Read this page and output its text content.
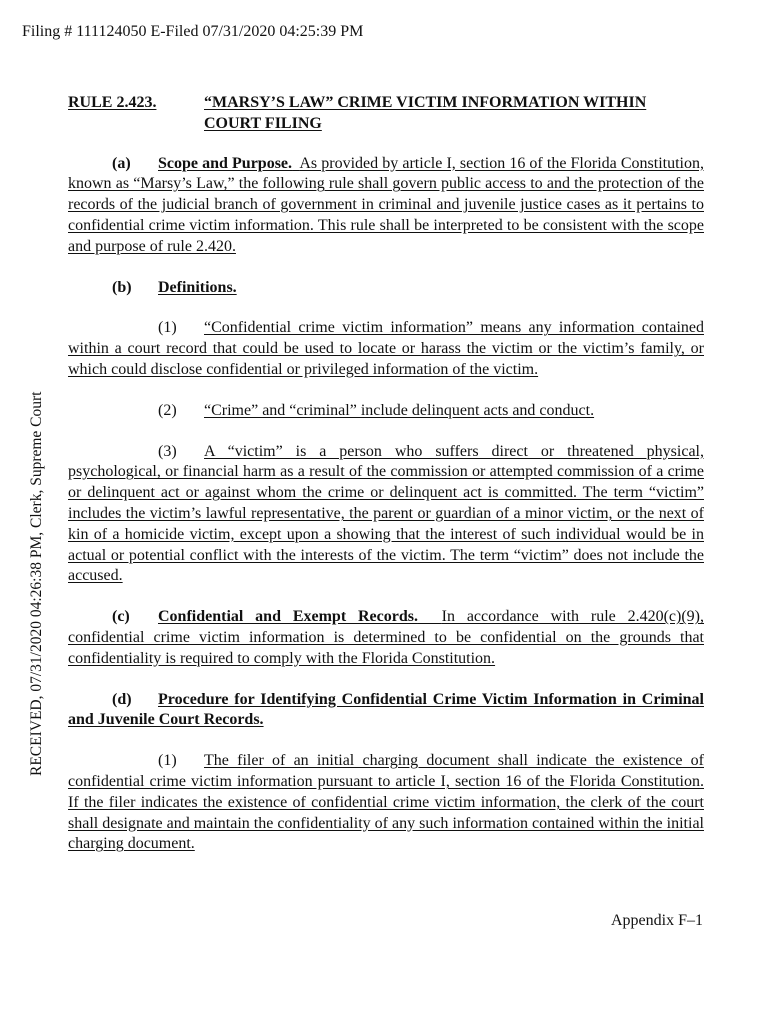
Filing # 111124050 E-Filed 07/31/2020 04:25:39 PM
RECEIVED, 07/31/2020 04:26:38 PM, Clerk, Supreme Court
RULE 2.423.	“MARSY’S LAW” CRIME VICTIM INFORMATION WITHIN COURT FILING

(a) Scope and Purpose. As provided by article I, section 16 of the Florida Constitution, known as “Marsy’s Law,” the following rule shall govern public access to and the protection of the records of the judicial branch of government in criminal and juvenile justice cases as it pertains to confidential crime victim information. This rule shall be interpreted to be consistent with the scope and purpose of rule 2.420.

(b) Definitions.

(1) “Confidential crime victim information” means any information contained within a court record that could be used to locate or harass the victim or the victim’s family, or which could disclose confidential or privileged information of the victim.

(2) “Crime” and “criminal” include delinquent acts and conduct.

(3) A “victim” is a person who suffers direct or threatened physical, psychological, or financial harm as a result of the commission or attempted commission of a crime or delinquent act or against whom the crime or delinquent act is committed. The term “victim” includes the victim’s lawful representative, the parent or guardian of a minor victim, or the next of kin of a homicide victim, except upon a showing that the interest of such individual would be in actual or potential conflict with the interests of the victim. The term “victim” does not include the accused.

(c) Confidential and Exempt Records. In accordance with rule 2.420(c)(9), confidential crime victim information is determined to be confidential on the grounds that confidentiality is required to comply with the Florida Constitution.

(d) Procedure for Identifying Confidential Crime Victim Information in Criminal and Juvenile Court Records.

(1) The filer of an initial charging document shall indicate the existence of confidential crime victim information pursuant to article I, section 16 of the Florida Constitution. If the filer indicates the existence of confidential crime victim information, the clerk of the court shall designate and maintain the confidentiality of any such information contained within the initial charging document.

Appendix F–1
